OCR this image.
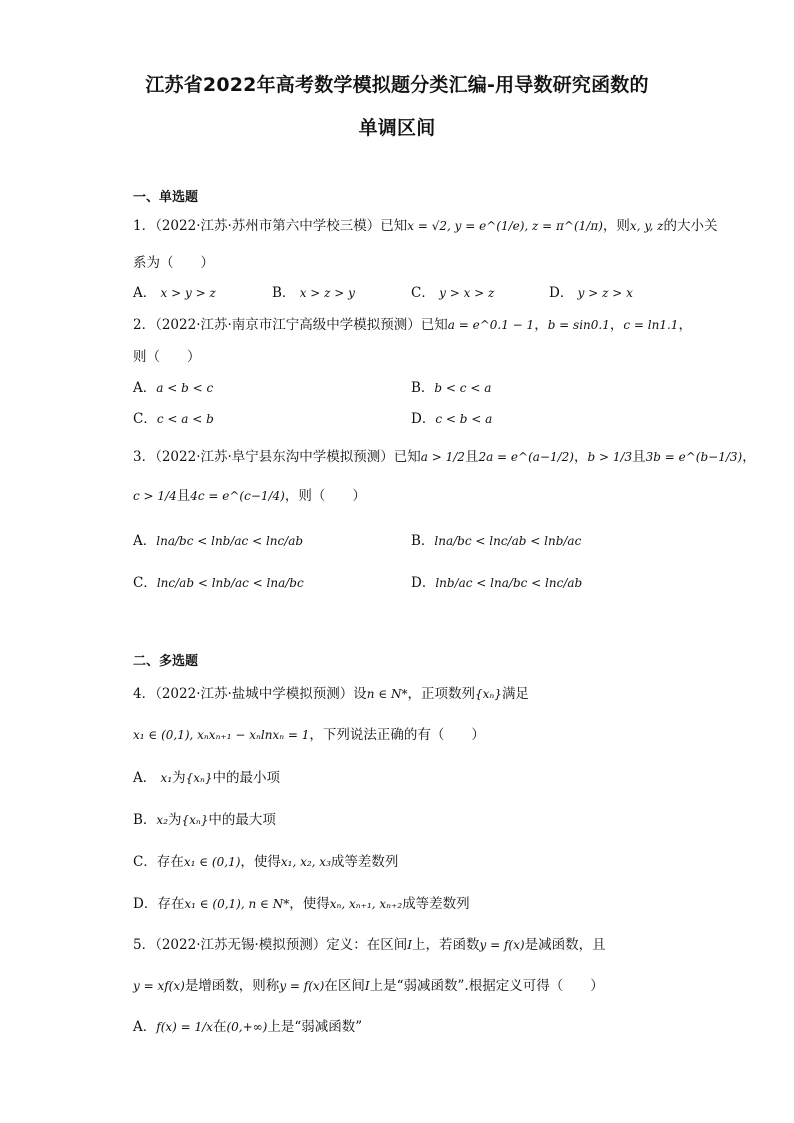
江苏省2022年高考数学模拟题分类汇编-用导数研究函数的
单调区间
一、单选题
1．（2022·江苏·苏州市第六中学校三模）已知x = √2, y = e^(1/e), z = π^(1/π)，则x, y, z的大小关
系为（　　）
A． x > y > z	B． x > z > y	C． y > x > z	D． y > z > x
2．（2022·江苏·南京市江宁高级中学模拟预测）已知a = e^0.1 − 1，b = sin0.1，c = ln1.1，
则（　　）
A．a < b < c	B．b < c < a
C．c < a < b	D．c < b < a
3．（2022·江苏·阜宁县东沟中学模拟预测）已知a > 1/2且2a = e^(a−1/2)，b > 1/3且3b = e^(b−1/3)，
c > 1/4且4c = e^(c−1/4)，则（　　）
A．lna/bc < lnb/ac < lnc/ab	B．lna/bc < lnc/ab < lnb/ac
C．lnc/ab < lnb/ac < lna/bc	D．lnb/ac < lna/bc < lnc/ab
二、多选题
4．（2022·江苏·盐城中学模拟预测）设n ∈ N*，正项数列{xₙ}满足
x₁ ∈ (0,1), xₙxₙ₊₁ − xₙlnxₙ = 1，下列说法正确的有（　　）
A． x₁为{xₙ}中的最小项
B．x₂为{xₙ}中的最大项
C．存在x₁ ∈ (0,1)，使得x₁, x₂, x₃成等差数列
D．存在x₁ ∈ (0,1), n ∈ N*，使得xₙ, xₙ₊₁, xₙ₊₂成等差数列
5．（2022·江苏无锡·模拟预测）定义：在区间I上，若函数y = f(x)是减函数，且
y = xf(x)是增函数，则称y = f(x)在区间I上是“弱减函数”.根据定义可得（　　）
A．f(x) = 1/x在(0,+∞)上是“弱减函数”
